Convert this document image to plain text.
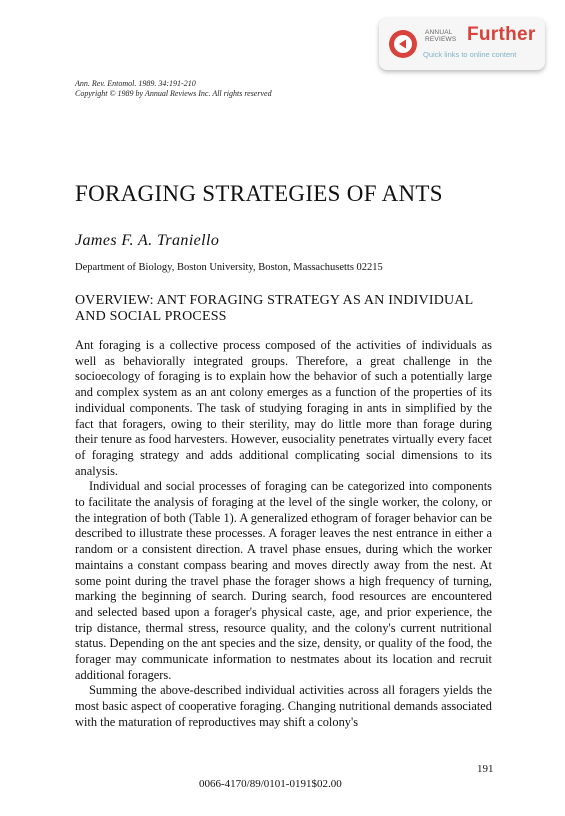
ANNUAL
REVIEWS Further
Quick links to online content
Ann. Rev. Entomol. 1989. 34:191-210
Copyright © 1989 by Annual Reviews Inc. All rights reserved
FORAGING STRATEGIES OF ANTS
James F. A. Traniello
Department of Biology, Boston University, Boston, Massachusetts 02215
OVERVIEW: ANT FORAGING STRATEGY AS AN INDIVIDUAL AND SOCIAL PROCESS

Ant foraging is a collective process composed of the activities of individuals as well as behaviorally integrated groups. Therefore, a great challenge in the socioecology of foraging is to explain how the behavior of such a potentially large and complex system as an ant colony emerges as a function of the properties of its individual components. The task of studying foraging in ants in simplified by the fact that foragers, owing to their sterility, may do little more than forage during their tenure as food harvesters. However, eusociality penetrates virtually every facet of foraging strategy and adds additional complicating social dimensions to its analysis.

Individual and social processes of foraging can be categorized into components to facilitate the analysis of foraging at the level of the single worker, the colony, or the integration of both (Table 1). A generalized ethogram of forager behavior can be described to illustrate these processes. A forager leaves the nest entrance in either a random or a consistent direction. A travel phase ensues, during which the worker maintains a constant compass bearing and moves directly away from the nest. At some point during the travel phase the forager shows a high frequency of turning, marking the beginning of search. During search, food resources are encountered and selected based upon a forager's physical caste, age, and prior experience, the trip distance, thermal stress, resource quality, and the colony's current nutritional status. Depending on the ant species and the size, density, or quality of the food, the forager may communicate information to nestmates about its location and recruit additional foragers.

Summing the above-described individual activities across all foragers yields the most basic aspect of cooperative foraging. Changing nutritional demands associated with the maturation of reproductives may shift a colony's

191
0066-4170/89/0101-0191$02.00
